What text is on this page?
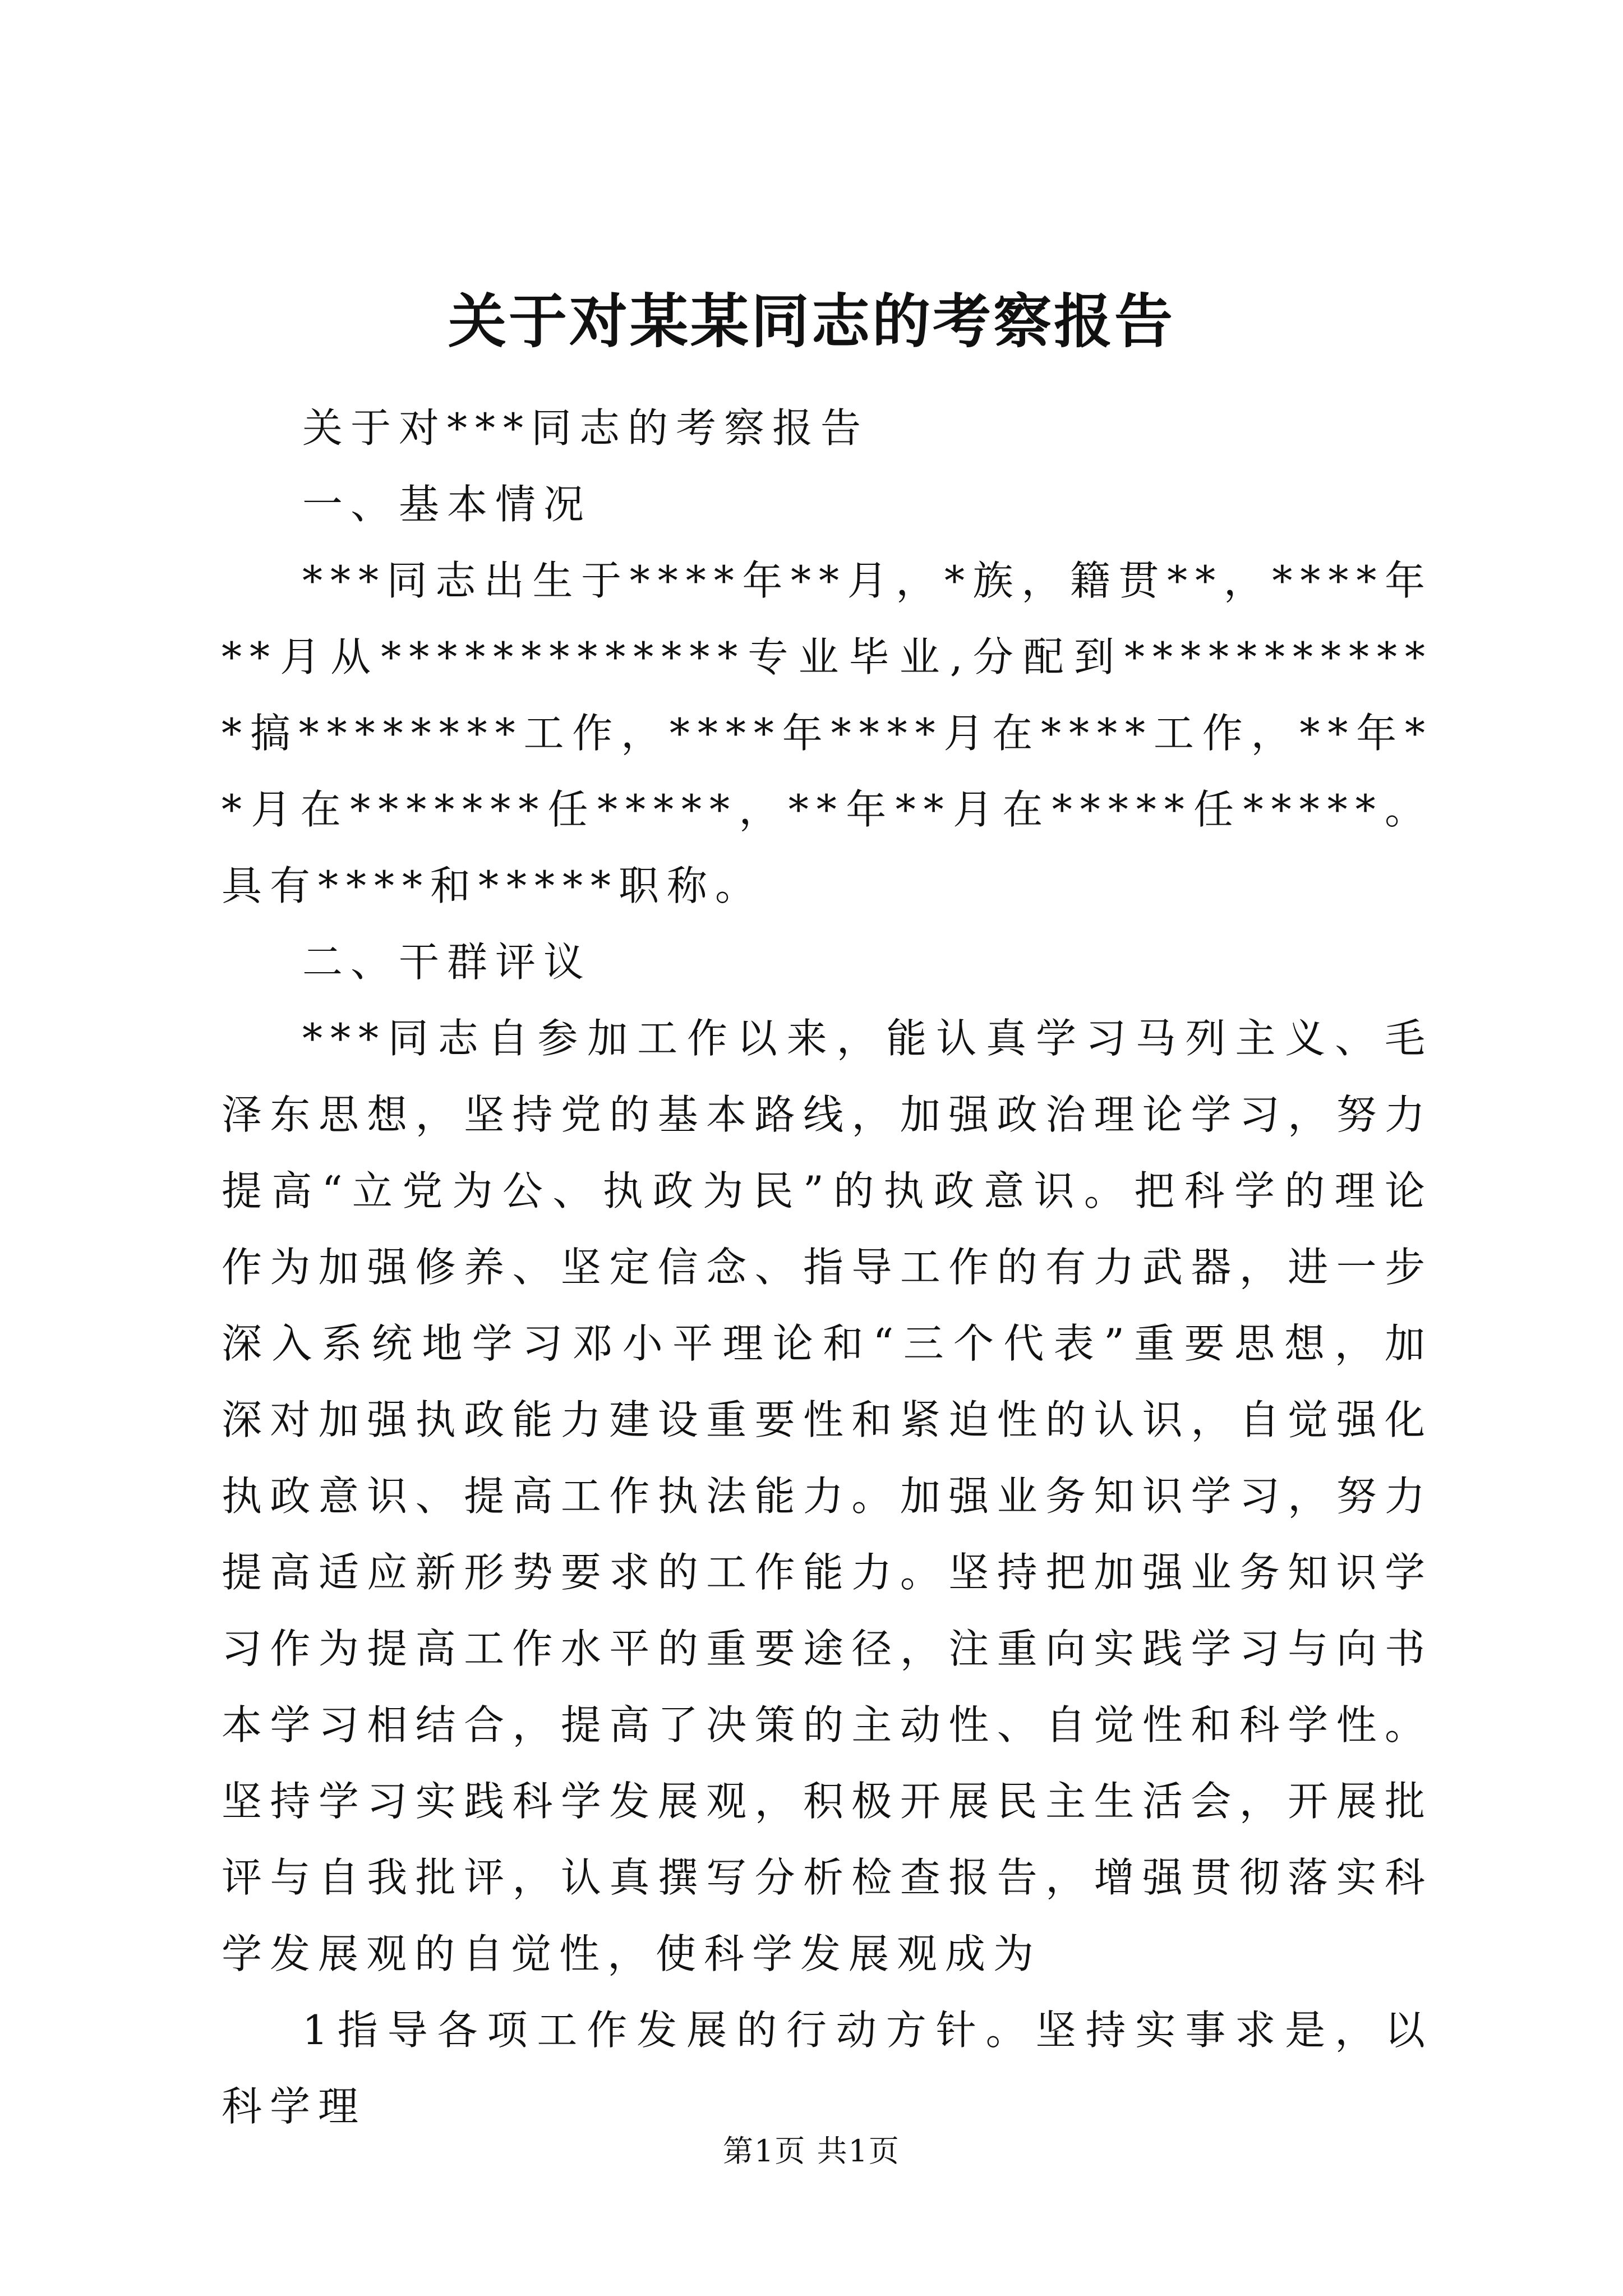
关于对某某同志的考察报告

关于对***同志的考察报告

一、基本情况

***同志出生于****年**月，*族，籍贯**，****年**月从*************专业毕业,分配到************搞********工作，****年****月在****工作，**年**月在*******任*****，**年**月在*****任*****。具有****和*****职称。

二、干群评议

***同志自参加工作以来，能认真学习马列主义、毛泽东思想，坚持党的基本路线，加强政治理论学习，努力提高“立党为公、执政为民”的执政意识。把科学的理论作为加强修养、坚定信念、指导工作的有力武器，进一步深入系统地学习邓小平理论和“三个代表”重要思想，加深对加强执政能力建设重要性和紧迫性的认识，自觉强化执政意识、提高工作执法能力。加强业务知识学习，努力提高适应新形势要求的工作能力。坚持把加强业务知识学习作为提高工作水平的重要途径，注重向实践学习与向书本学习相结合，提高了决策的主动性、自觉性和科学性。坚持学习实践科学发展观，积极开展民主生活会，开展批评与自我批评，认真撰写分析检查报告，增强贯彻落实科学发展观的自觉性，使科学发展观成为

1指导各项工作发展的行动方针。坚持实事求是，以科学理

第1页 共1页
